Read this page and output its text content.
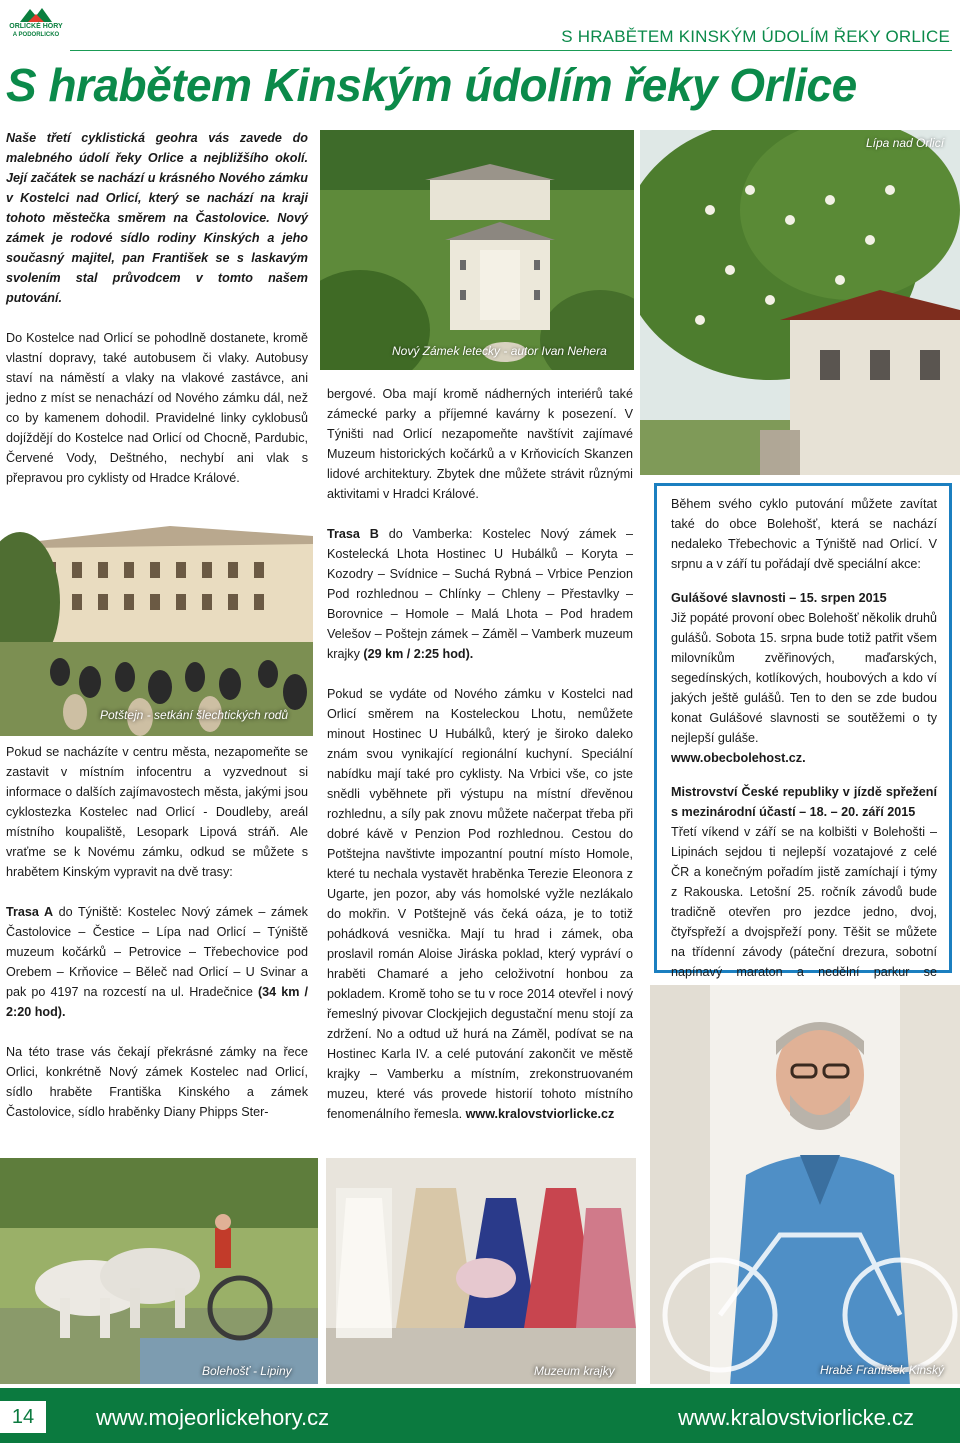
ORLICKÉ HORY
A PODORLICKO	S HRABĚTEM KINSKÝM ÚDOLÍM ŘEKY ORLICE
S hrabětem Kinským údolím řeky Orlice

Naše třetí cyklistická geohra vás zavede do malebného údolí řeky Orlice a nejbližšího okolí. Její začátek se nachází u krásného Nového zámku v Kostelci nad Orlicí, který se nachází na kraji tohoto městečka směrem na Častolovice. Nový zámek je rodové sídlo rodiny Kinských a jeho současný majitel, pan František se s laskavým svolením stal průvodcem v tomto našem putování.

Do Kostelce nad Orlicí se pohodlně dostanete, kromě vlastní dopravy, také autobusem či vlaky. Autobusy staví na náměstí a vlaky na vlakové zastávce, ani jedno z míst se nenachází od Nového zámku dál, než co by kamenem dohodil. Pravidelné linky cyklobusů dojíždějí do Kostelce nad Orlicí od Chocně, Pardubic, Červené Vody, Deštného, nechybí ani vlak s přepravou pro cyklisty od Hradce Králové.

Potštejn - setkání šlechtických rodů

Pokud se nacházíte v centru města, nezapomeňte se zastavit v místním infocentru a vyzvednout si informace o dalších zajímavostech města, jakými jsou cyklostezka Kostelec nad Orlicí - Doudleby, areál místního koupaliště, Lesopark Lipová stráň. Ale vraťme se k Novému zámku, odkud se můžete s hrabětem Kinským vypravit na dvě trasy:

Trasa A do Týniště: Kostelec Nový zámek – zámek Častolovice – Čestice – Lípa nad Orlicí – Týniště muzeum kočárků – Petrovice – Třebechovice pod Orebem – Krňovice – Běleč nad Orlicí – U Svinar a pak po 4197 na rozcestí na ul. Hradečnice (34 km / 2:20 hod).

Na této trase vás čekají překrásné zámky na řece Orlici, konkrétně Nový zámek Kostelec nad Orlicí, sídlo hraběte Františka Kinského a zámek Častolovice, sídlo hraběnky Diany Phipps Ster-

Nový Zámek letecky - autor Ivan Nehera
Lípa nad Orlicí

bergové. Oba mají kromě nádherných interiérů také zámecké parky a příjemné kavárny k posezení. V Týništi nad Orlicí nezapomeňte navštívit zajímavé Muzeum historických kočárků a v Krňovicích Skanzen lidové architektury. Zbytek dne můžete strávit různými aktivitami v Hradci Králové.

Trasa B do Vamberka: Kostelec Nový zámek – Kostelecká Lhota Hostinec U Hubálků – Koryta – Kozodry – Svídnice – Suchá Rybná – Vrbice Penzion Pod rozhlednou – Chlínky – Chleny – Přestavlky – Borovnice – Homole – Malá Lhota – Pod hradem Velešov – Poštejn zámek – Záměl – Vamberk muzeum krajky (29 km / 2:25 hod).

Pokud se vydáte od Nového zámku v Kostelci nad Orlicí směrem na Kosteleckou Lhotu, nemůžete minout Hostinec U Hubálků, který je široko daleko znám svou vynikající regionální kuchyní. Speciální nabídku mají také pro cyklisty. Na Vrbici vše, co jste snědli vyběhnete při výstupu na místní dřevěnou rozhlednu, a síly pak znovu můžete načerpat třeba při dobré kávě v Penzion Pod rozhlednou. Cestou do Potštejna navštivte impozantní poutní místo Homole, které tu nechala vystavět hraběnka Terezie Eleonora z Ugarte, jen pozor, aby vás homolské vyžle nezlákalo do mokřin. V Potštejně vás čeká oáza, je to totiž pohádková vesnička. Mají tu hrad i zámek, oba proslavil román Aloise Jiráska poklad, který vypráví o hraběti Chamaré a jeho celoživotní honbou za pokladem. Kromě toho se tu v roce 2014 otevřel i nový řemeslný pivovar Clockjejich degustační menu stojí za zdržení. No a odtud už hurá na Záměl, podívat se na Hostinec Karla IV. a celé putování zakončit ve městě krajky – Vamberku a místním, zrekonstruovaném muzeu, které vás provede historií tohoto místního fenomenálního řemesla. www.kralovstviorlicke.cz

Během svého cyklo putování můžete zavítat také do obce Bolehošť, která se nachází nedaleko Třebechovic a Týniště nad Orlicí. V srpnu a v září tu pořádají dvě speciální akce:

Gulášové slavnosti – 15. srpen 2015
Již popáté provoní obec Bolehošť několik druhů gulášů. Sobota 15. srpna bude totiž patřit všem milovníkům zvěřinových, maďarských, segedínských, kotlíkových, houbových a kdo ví jakých ještě gulášů. Ten to den se zde budou konat Gulášové slavnosti se soutěžemi o ty nejlepší guláše.
www.obecbolehost.cz.

Mistrovství České republiky v jízdě spřežení s mezinárodní účastí – 18. – 20. září 2015
Třetí víkend v září se na kolbišti v Bolehošti – Lipinách sejdou ti nejlepší vozatajové z celé ČR a konečným pořadím jistě zamíchají i týmy z Rakouska. Letošní 25. ročník závodů bude tradičně otevřen pro jezdce jedno, dvoj, čtyřspřeží a dvojspřeží pony. Těšit se můžete na třídenní závody (páteční drezura, sobotní napínavý maraton a nedělní parkur se

Hrabě František Kinský
Bolehošť - Lipiny	Muzeum krajky
14	www.mojeorlickehory.cz	www.kralovstviorlicke.cz
